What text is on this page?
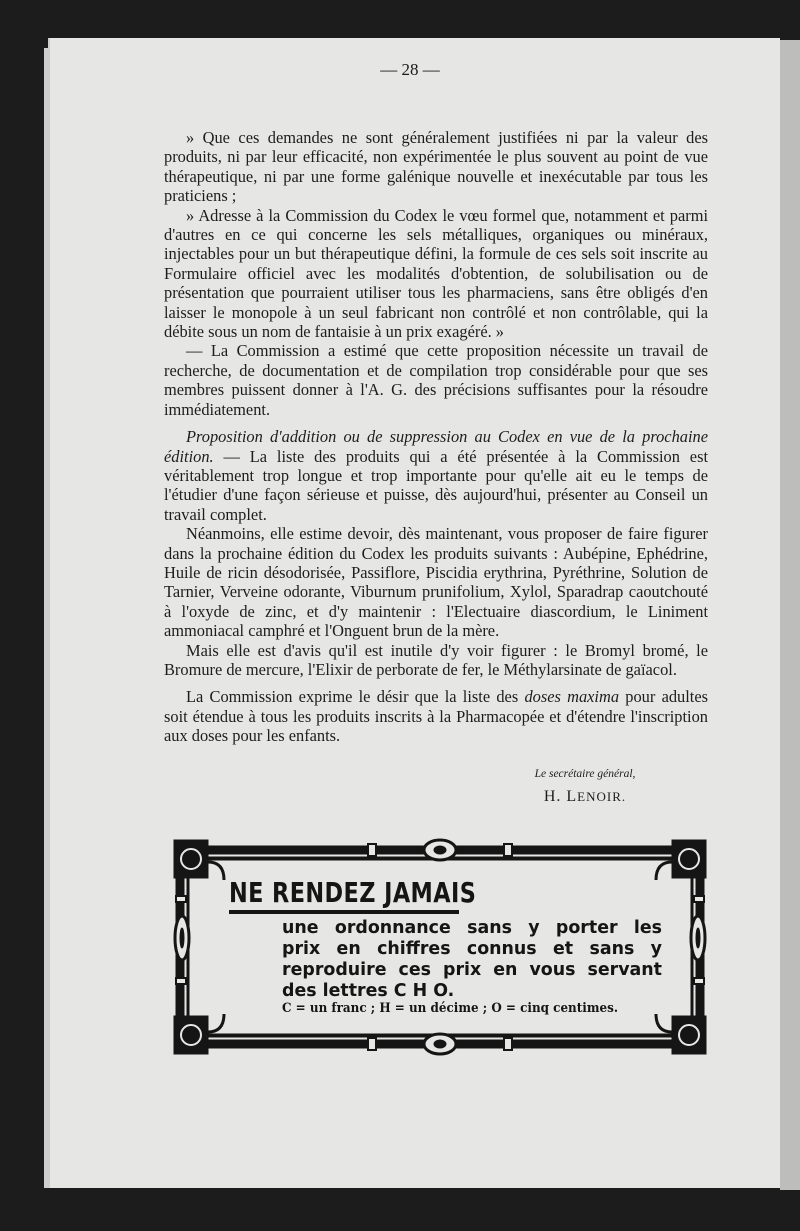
— 28 —

» Que ces demandes ne sont généralement justifiées ni par la valeur des produits, ni par leur efficacité, non expérimentée le plus souvent au point de vue thérapeutique, ni par une forme galénique nouvelle et inexécutable par tous les praticiens ;

» Adresse à la Commission du Codex le vœu formel que, notamment et parmi d'autres en ce qui concerne les sels métalliques, organiques ou minéraux, injectables pour un but thérapeutique défini, la formule de ces sels soit inscrite au Formulaire officiel avec les modalités d'obtention, de solubilisation ou de présentation que pourraient utiliser tous les pharmaciens, sans être obligés d'en laisser le monopole à un seul fabricant non contrôlé et non contrôlable, qui la débite sous un nom de fantaisie à un prix exagéré. »

— La Commission a estimé que cette proposition nécessite un travail de recherche, de documentation et de compilation trop considérable pour que ses membres puissent donner à l'A. G. des précisions suffisantes pour la résoudre immédiatement.

Proposition d'addition ou de suppression au Codex en vue de la prochaine édition. — La liste des produits qui a été présentée à la Commission est véritablement trop longue et trop importante pour qu'elle ait eu le temps de l'étudier d'une façon sérieuse et puisse, dès aujourd'hui, présenter au Conseil un travail complet.

Néanmoins, elle estime devoir, dès maintenant, vous proposer de faire figurer dans la prochaine édition du Codex les produits suivants : Aubépine, Ephédrine, Huile de ricin désodorisée, Passiflore, Piscidia erythrina, Pyréthrine, Solution de Tarnier, Verveine odorante, Viburnum prunifolium, Xylol, Sparadrap caoutchouté à l'oxyde de zinc, et d'y maintenir : l'Electuaire diascordium, le Liniment ammoniacal camphré et l'Onguent brun de la mère.

Mais elle est d'avis qu'il est inutile d'y voir figurer : le Bromyl bromé, le Bromure de mercure, l'Elixir de perborate de fer, le Méthylarsinate de gaïacol.

La Commission exprime le désir que la liste des doses maxima pour adultes soit étendue à tous les produits inscrits à la Pharmacopée et d'étendre l'inscription aux doses pour les enfants.

Le secrétaire général,
H. LENOIR.
NE RENDEZ JAMAIS

une ordonnance sans y porter les

prix en chiffres connus et sans y

reproduire ces prix en vous servant

des lettres C H O.

C = un franc ; H = un décime ; O = cinq centimes.
